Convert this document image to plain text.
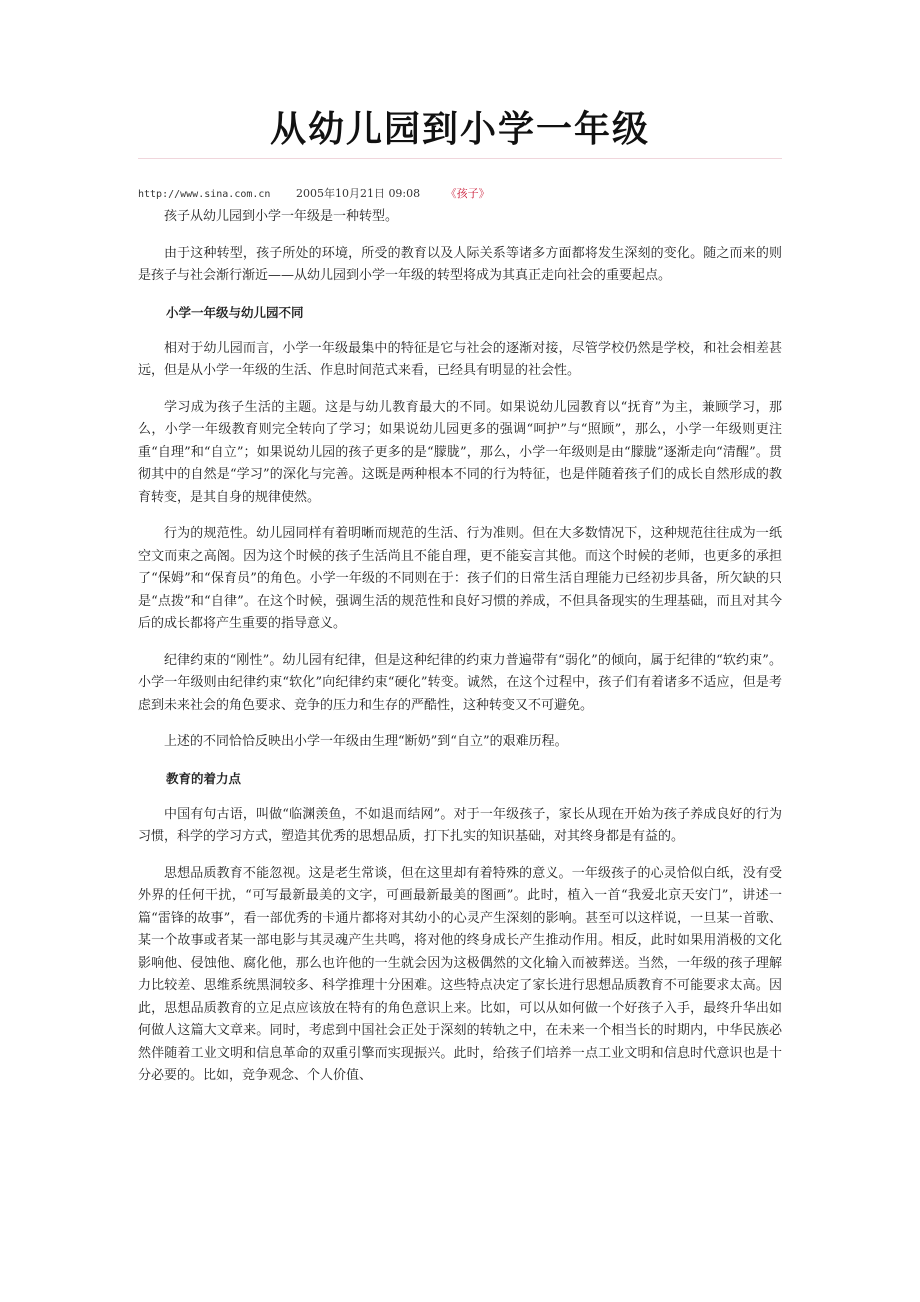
从幼儿园到小学一年级
http://www.sina.com.cn 2005年10月21日 09:08 《孩子》

孩子从幼儿园到小学一年级是一种转型。

由于这种转型，孩子所处的环境，所受的教育以及人际关系等诸多方面都将发生深刻的变化。随之而来的则是孩子与社会渐行渐近——从幼儿园到小学一年级的转型将成为其真正走向社会的重要起点。

小学一年级与幼儿园不同

相对于幼儿园而言，小学一年级最集中的特征是它与社会的逐渐对接，尽管学校仍然是学校，和社会相差甚远，但是从小学一年级的生活、作息时间范式来看，已经具有明显的社会性。

学习成为孩子生活的主题。这是与幼儿教育最大的不同。如果说幼儿园教育以“抚育”为主，兼顾学习，那么，小学一年级教育则完全转向了学习；如果说幼儿园更多的强调“呵护”与“照顾”，那么，小学一年级则更注重“自理”和“自立”；如果说幼儿园的孩子更多的是“朦胧”，那么，小学一年级则是由“朦胧”逐渐走向“清醒”。贯彻其中的自然是“学习”的深化与完善。这既是两种根本不同的行为特征，也是伴随着孩子们的成长自然形成的教育转变，是其自身的规律使然。

行为的规范性。幼儿园同样有着明晰而规范的生活、行为准则。但在大多数情况下，这种规范往往成为一纸空文而束之高阁。因为这个时候的孩子生活尚且不能自理，更不能妄言其他。而这个时候的老师，也更多的承担了“保姆”和“保育员”的角色。小学一年级的不同则在于：孩子们的日常生活自理能力已经初步具备，所欠缺的只是“点拨”和“自律”。在这个时候，强调生活的规范性和良好习惯的养成，不但具备现实的生理基础，而且对其今后的成长都将产生重要的指导意义。

纪律约束的“刚性”。幼儿园有纪律，但是这种纪律的约束力普遍带有“弱化”的倾向，属于纪律的“软约束”。小学一年级则由纪律约束“软化”向纪律约束“硬化”转变。诚然，在这个过程中，孩子们有着诸多不适应，但是考虑到未来社会的角色要求、竞争的压力和生存的严酷性，这种转变又不可避免。

上述的不同恰恰反映出小学一年级由生理“断奶”到“自立”的艰难历程。

教育的着力点

中国有句古语，叫做“临渊羡鱼，不如退而结网”。对于一年级孩子，家长从现在开始为孩子养成良好的行为习惯，科学的学习方式，塑造其优秀的思想品质，打下扎实的知识基础，对其终身都是有益的。

思想品质教育不能忽视。这是老生常谈，但在这里却有着特殊的意义。一年级孩子的心灵恰似白纸，没有受外界的任何干扰，“可写最新最美的文字，可画最新最美的图画”。此时，植入一首“我爱北京天安门”，讲述一篇“雷锋的故事”，看一部优秀的卡通片都将对其幼小的心灵产生深刻的影响。甚至可以这样说，一旦某一首歌、某一个故事或者某一部电影与其灵魂产生共鸣，将对他的终身成长产生推动作用。相反，此时如果用消极的文化影响他、侵蚀他、腐化他，那么也许他的一生就会因为这极偶然的文化输入而被葬送。当然，一年级的孩子理解力比较差、思维系统黑洞较多、科学推理十分困难。这些特点决定了家长进行思想品质教育不可能要求太高。因此，思想品质教育的立足点应该放在特有的角色意识上来。比如，可以从如何做一个好孩子入手，最终升华出如何做人这篇大文章来。同时，考虑到中国社会正处于深刻的转轨之中，在未来一个相当长的时期内，中华民族必然伴随着工业文明和信息革命的双重引擎而实现振兴。此时，给孩子们培养一点工业文明和信息时代意识也是十分必要的。比如，竞争观念、个人价值、
